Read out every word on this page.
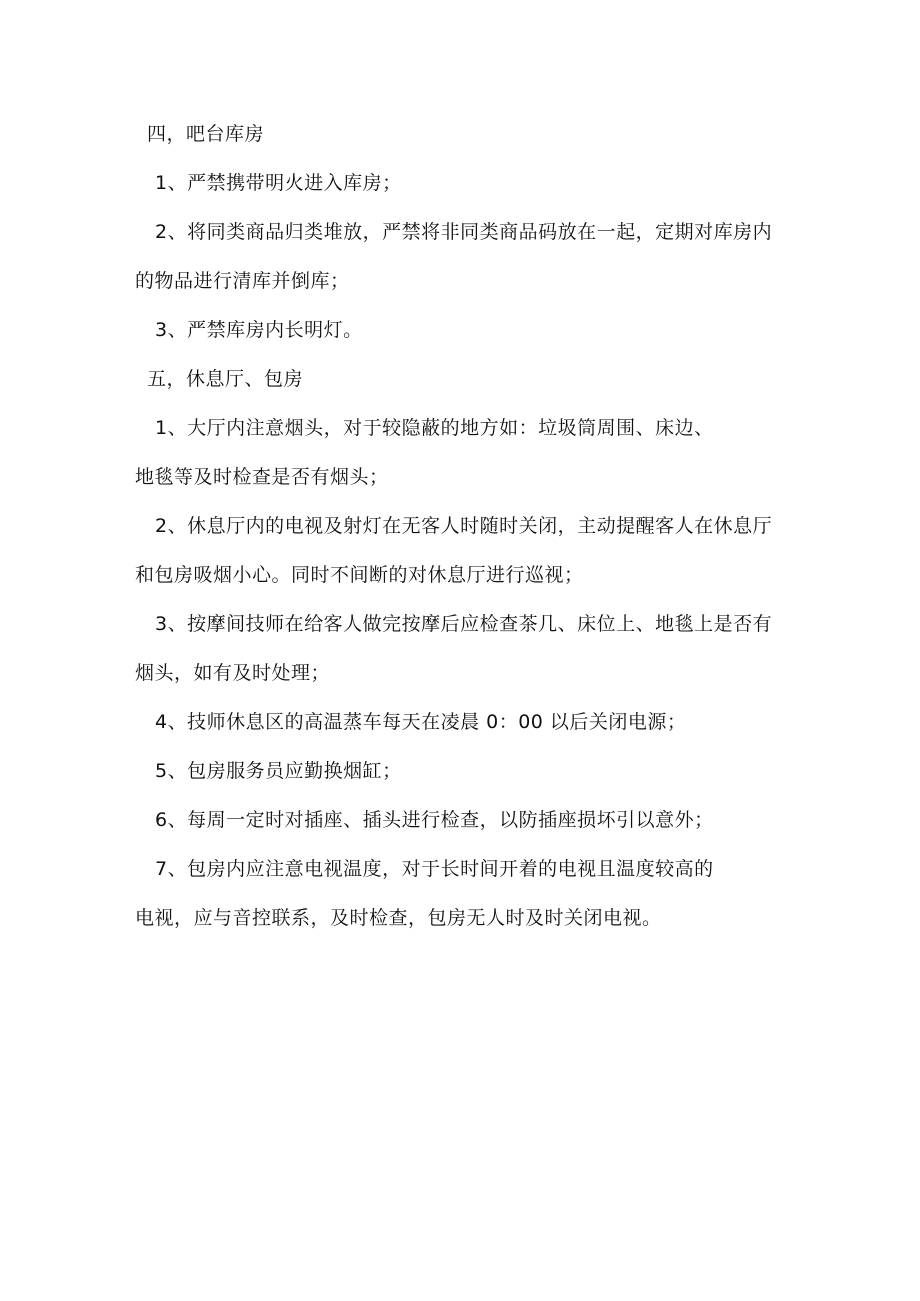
四，吧台库房
1、严禁携带明火进入库房；
2、将同类商品归类堆放，严禁将非同类商品码放在一起，定期对库房内
的物品进行清库并倒库；
3、严禁库房内长明灯。
五，休息厅、包房
1、大厅内注意烟头，对于较隐蔽的地方如：垃圾筒周围、床边、
地毯等及时检查是否有烟头；
2、休息厅内的电视及射灯在无客人时随时关闭，主动提醒客人在休息厅
和包房吸烟小心。同时不间断的对休息厅进行巡视；
3、按摩间技师在给客人做完按摩后应检查茶几、床位上、地毯上是否有
烟头，如有及时处理；
4、技师休息区的高温蒸车每天在凌晨 0：00 以后关闭电源；
5、包房服务员应勤换烟缸；
6、每周一定时对插座、插头进行检查，以防插座损坏引以意外；
7、包房内应注意电视温度，对于长时间开着的电视且温度较高的
电视，应与音控联系，及时检查，包房无人时及时关闭电视。
